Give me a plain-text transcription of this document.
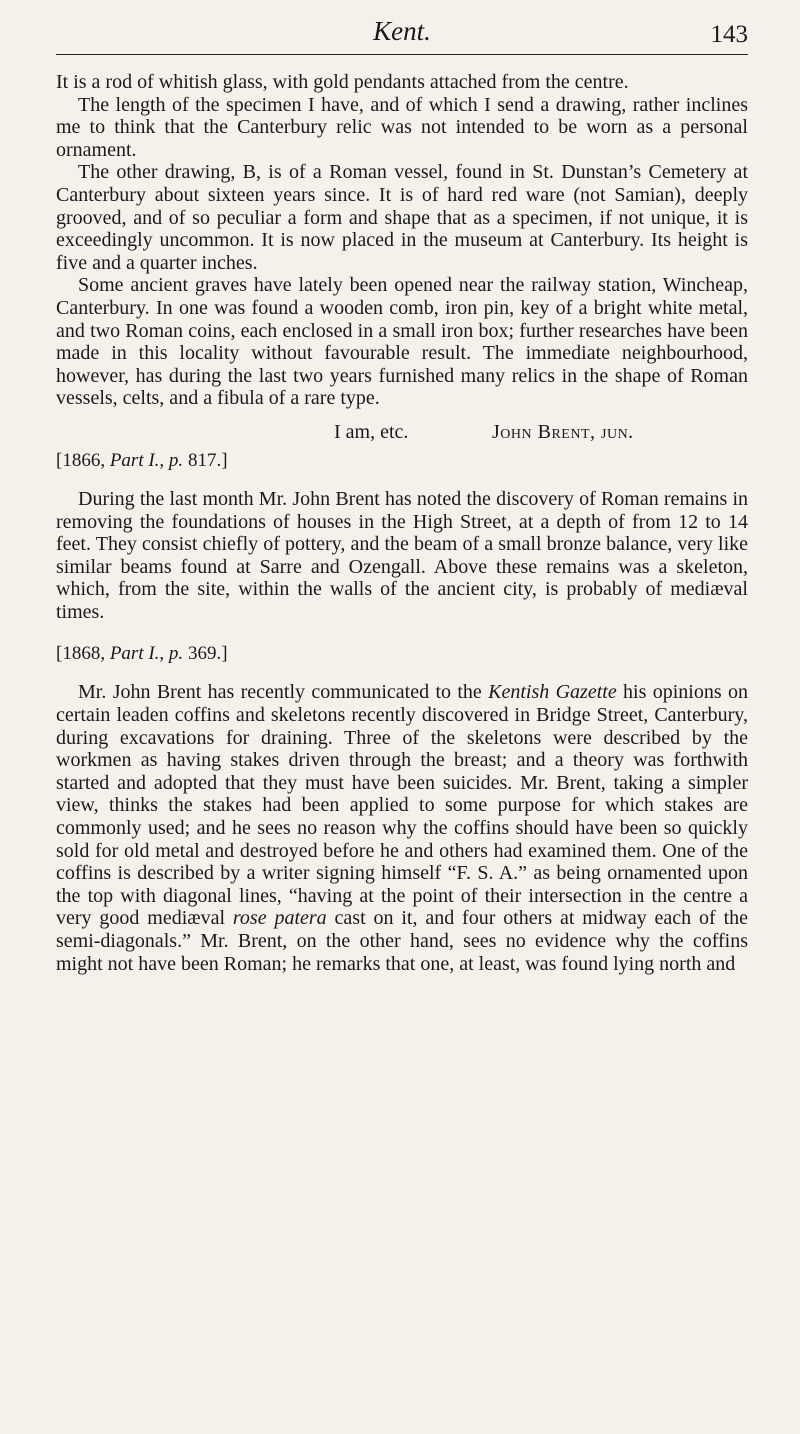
Kent.	143

It is a rod of whitish glass, with gold pendants attached from the centre.

The length of the specimen I have, and of which I send a drawing, rather inclines me to think that the Canterbury relic was not intended to be worn as a personal ornament.

The other drawing, B, is of a Roman vessel, found in St. Dunstan’s Cemetery at Canterbury about sixteen years since. It is of hard red ware (not Samian), deeply grooved, and of so peculiar a form and shape that as a specimen, if not unique, it is exceedingly uncommon. It is now placed in the museum at Canterbury. Its height is five and a quarter inches.

Some ancient graves have lately been opened near the railway station, Wincheap, Canterbury. In one was found a wooden comb, iron pin, key of a bright white metal, and two Roman coins, each enclosed in a small iron box; further researches have been made in this locality without favourable result. The immediate neighbourhood, however, has during the last two years furnished many relics in the shape of Roman vessels, celts, and a fibula of a rare type.

I am, etc.	John Brent, jun.
[1866, Part I., p. 817.]

During the last month Mr. John Brent has noted the discovery of Roman remains in removing the foundations of houses in the High Street, at a depth of from 12 to 14 feet. They consist chiefly of pottery, and the beam of a small bronze balance, very like similar beams found at Sarre and Ozengall. Above these remains was a skeleton, which, from the site, within the walls of the ancient city, is probably of mediæval times.

[1868, Part I., p. 369.]

Mr. John Brent has recently communicated to the Kentish Gazette his opinions on certain leaden coffins and skeletons recently discovered in Bridge Street, Canterbury, during excavations for draining. Three of the skeletons were described by the workmen as having stakes driven through the breast; and a theory was forthwith started and adopted that they must have been suicides. Mr. Brent, taking a simpler view, thinks the stakes had been applied to some purpose for which stakes are commonly used; and he sees no reason why the coffins should have been so quickly sold for old metal and destroyed before he and others had examined them. One of the coffins is described by a writer signing himself “F. S. A.” as being ornamented upon the top with diagonal lines, “having at the point of their intersection in the centre a very good mediæval rose patera cast on it, and four others at midway each of the semi-diagonals.” Mr. Brent, on the other hand, sees no evidence why the coffins might not have been Roman; he remarks that one, at least, was found lying north and
